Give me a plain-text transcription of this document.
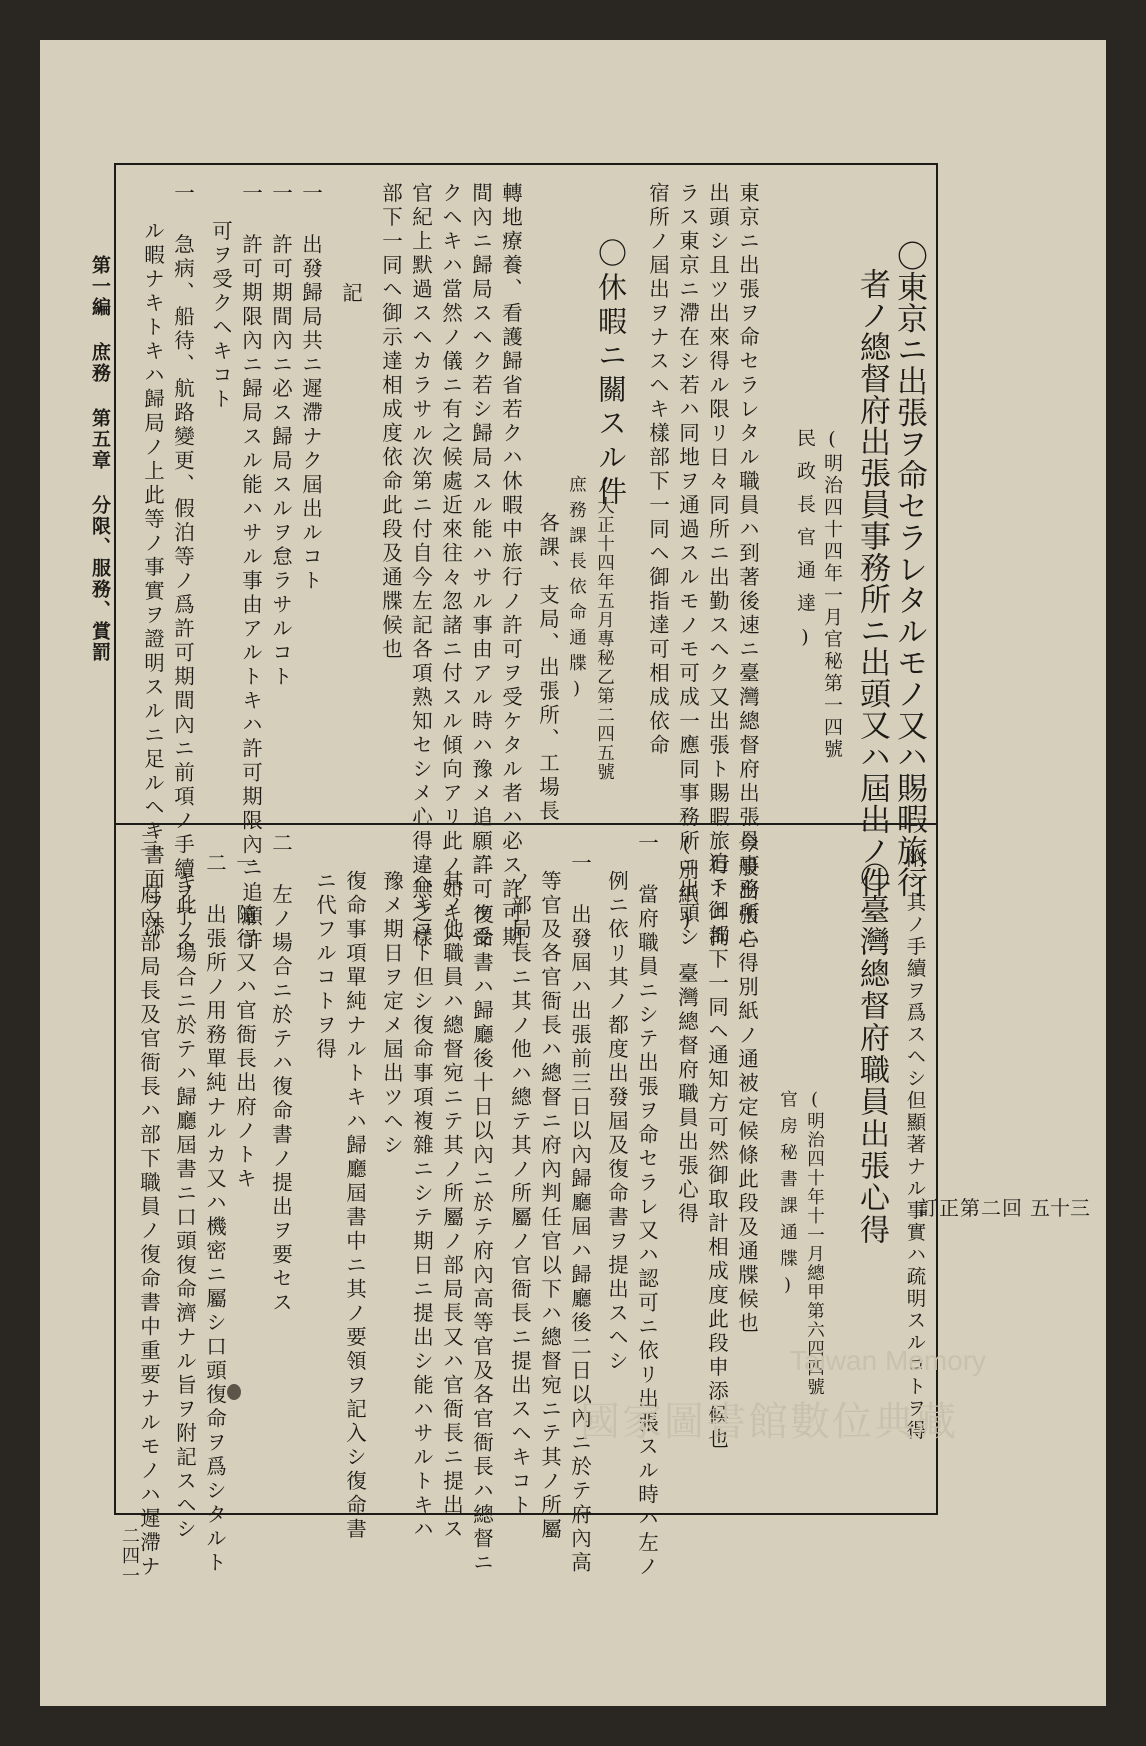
訂正第二回 五十三
〇東京ニ出張ヲ命セラレタルモノ又ハ賜暇旅行
者ノ總督府出張員事務所ニ出頭又ハ屆出ノ件
(明治四十四年一月官秘第一四號
民政長官通達)
東京ニ出張ヲ命セラレタル職員ハ到著後速ニ臺灣總督府出張員事務所ニ
出頭シ且ツ出來得ル限リ日々同所ニ出勤スヘク又出張ト賜暇旅行トニ拘
ラス東京ニ滯在シ若ハ同地ヲ通過スルモノモ可成一應同事務所ニ出頭シ
宿所ノ屆出ヲナスヘキ樣部下一同ヘ御指達可相成依命
〇休暇ニ關スル件
(大正十四年五月專秘乙第二四五號
庶務課長依命通牒)
各課、支局、出張所、工場長
轉地療養、看護歸省若クハ休暇中旅行ノ許可ヲ受ケタル者ハ必ス許可期
間內ニ歸局スヘク若シ歸局スル能ハサル事由アル時ハ豫メ追願許可ヲ受
クヘキハ當然ノ儀ニ有之候處近來往々忽諸ニ付スル傾向アリ此ノ如キハ
官紀上默過スヘカラサル次第ニ付自今左記各項熟知セシメ心得違無之樣
部下一同ヘ御示達相成度依命此段及通牒候也
記
一 出發歸局共ニ遲滯ナク屆出ルコト
一 許可期間內ニ必ス歸局スルヲ怠ラサルコト
一 許可期限內ニ歸局スル能ハサル事由アルトキハ許可期限內ニ追願許
可ヲ受クヘキコト
一 急病、船待、航路變更、假泊等ノ爲許可期間內ニ前項ノ手續ヲ了ス
ル暇ナキトキハ歸局ノ上此等ノ事實ヲ證明スルニ足ルヘキ書面ヲ添
附シ其ノ手續ヲ爲スヘシ但顯著ナル事實ハ疏明スルコトヲ得
〇臺灣總督府職員出張心得
(明治四十年十一月總甲第六四四號
官房秘書課通牒)
今般出張心得別紙ノ通被定候條此段及通牒候也
追テ御部下一同ヘ通知方可然御取計相成度此段申添候也
(別紙) 臺灣總督府職員出張心得
一 當府職員ニシテ出張ヲ命セラレ又ハ認可ニ依リ出張スル時ハ左ノ
例ニ依リ其ノ都度出發屆及復命書ヲ提出スヘシ
一 出發屆ハ出張前三日以內歸廳屆ハ歸廳後二日以內ニ於テ府內高
等官及各官衙長ハ總督ニ府內判任官以下ハ總督宛ニテ其ノ所屬
ノ部局長ニ其ノ他ハ總テ其ノ所屬ノ官衙長ニ提出スヘキコト
二 復命書ハ歸廳後十日以內ニ於テ府內高等官及各官衙長ハ總督ニ
其ノ他職員ハ總督宛ニテ其ノ所屬ノ部局長又ハ官衙長ニ提出ス
ヘキコト但シ復命事項複雜ニシテ期日ニ提出シ能ハサルトキハ
豫メ期日ヲ定メ屆出ツヘシ
復命事項單純ナルトキハ歸廳屆書中ニ其ノ要領ヲ記入シ復命書
ニ代フルコトヲ得
二 左ノ場合ニ於テハ復命書ノ提出ヲ要セス
一 隨行又ハ官衙長出府ノトキ
二 出張所ノ用務單純ナルカ又ハ機密ニ屬シ口頭復命ヲ爲シタルト
キ此ノ場合ニ於テハ歸廳屆書ニ口頭復命濟ナル旨ヲ附記スヘシ
三 府內部局長及官衙長ハ部下職員ノ復命書中重要ナルモノハ遲滯ナ
第一編 庶務 第五章 分限、服務、賞罰
二四一
國家圖書館數位典藏
Taiwan Memory
